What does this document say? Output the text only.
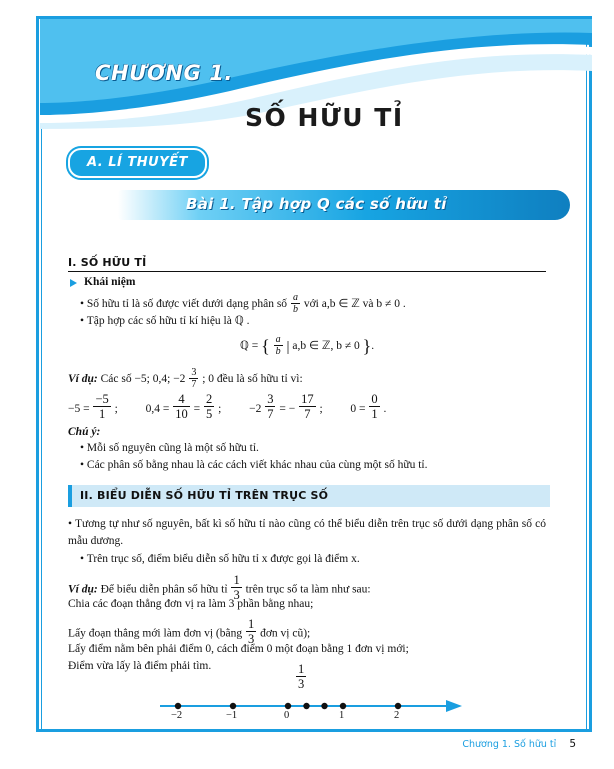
CHƯƠNG 1.
SỐ HỮU TỈ
A. LÍ THUYẾT
Bài 1. Tập hợp Q các số hữu tỉ
I. SỐ HỮU TỈ
Khái niệm
• Số hữu tỉ là số được viết dưới dạng phân số $\frac{a}{b}$ với a,b ∈ ℤ và b ≠ 0 .
• Tập hợp các số hữu tỉ kí hiệu là ℚ .
ℚ = { $\frac{a}{b}$ | a,b ∈ ℤ, b ≠ 0 }.
Ví dụ: Các số −5; 0,4; $-2 \frac{3}{7}$ ; 0 đều là số hữu tỉ vì:
$-5 = \frac{-5}{1}$ ; $0,4 = \frac{4}{10} = \frac{2}{5}$ ; $-2 \frac{3}{7}$ = − $\frac{17}{7}$ ; $0 = \frac{0}{1}$ .
Chú ý:
• Mỗi số nguyên cũng là một số hữu tỉ.
• Các phân số bằng nhau là các cách viết khác nhau của cùng một số hữu tỉ.
II. BIỂU DIỄN SỐ HỮU TỈ TRÊN TRỤC SỐ
• Tương tự như số nguyên, bất kì số hữu tỉ nào cũng có thể biểu diễn trên trục số dưới dạng phân số có mẫu dương.
• Trên trục số, điểm biểu diễn số hữu tỉ x được gọi là điểm x.
Ví dụ: Để biểu diễn phân số hữu tỉ $\frac{1}{3}$ trên trục số ta làm như sau:
Chia các đoạn thẳng đơn vị ra làm 3 phần bằng nhau;
Lấy đoạn thẳng mới làm đơn vị (bằng $\frac{1}{3}$ đơn vị cũ);
Lấy điểm nằm bên phải điểm 0, cách điểm 0 một đoạn bằng 1 đơn vị mới;
Điểm vừa lấy là điểm phải tìm.	$\frac{1}{3}$
−2	−1	0	1	2
Chương 1. Số hữu tỉ 5
